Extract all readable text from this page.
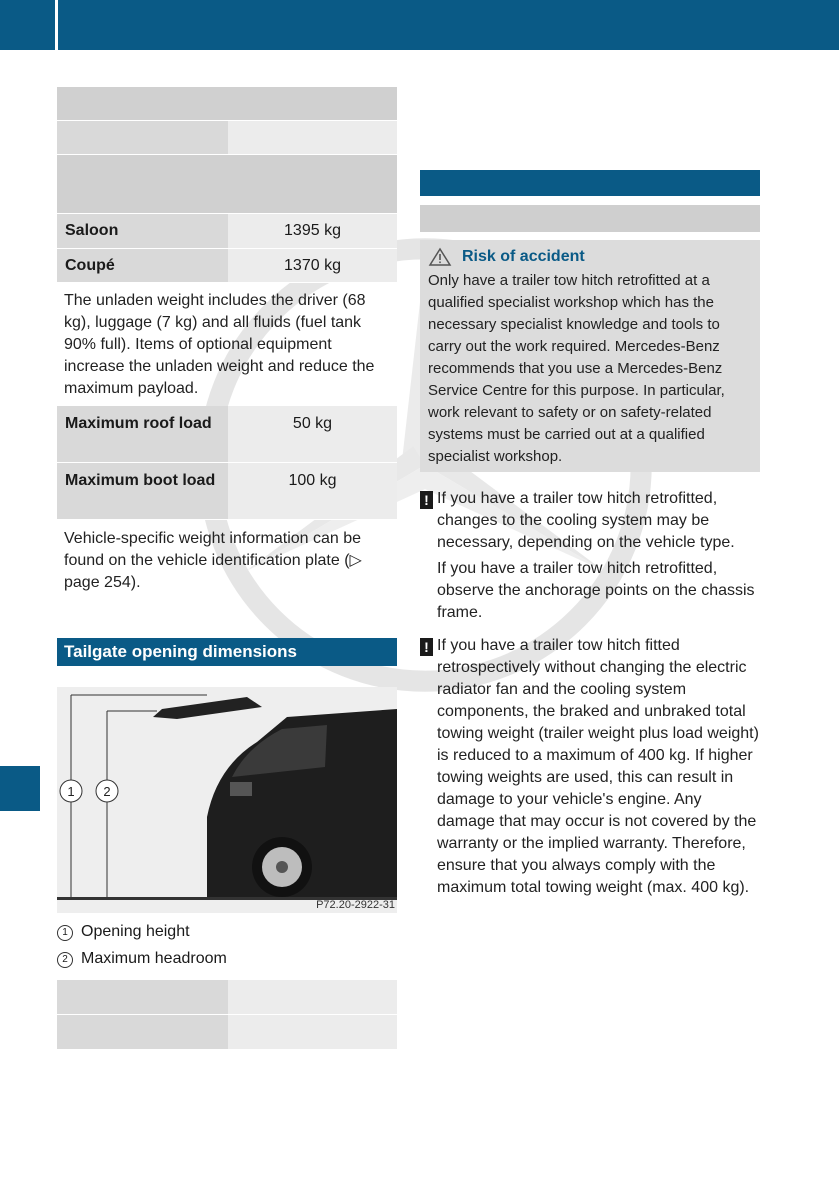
Saloon	1395 kg
Coupé	1370 kg
The unladen weight includes the driver (68 kg), luggage (7 kg) and all fluids (fuel tank 90% full). Items of optional equipment increase the unladen weight and reduce the maximum payload.
Maximum roof load	50 kg
Maximum boot load	100 kg
Vehicle-specific weight information can be found on the vehicle identification plate (▷ page 254).
Tailgate opening dimensions
1 2
P72.20-2922-31
1 Opening height
2 Maximum headroom
Risk of accident
Only have a trailer tow hitch retrofitted at a qualified specialist workshop which has the necessary specialist knowledge and tools to carry out the work required. Mercedes-Benz recommends that you use a Mercedes-Benz Service Centre for this purpose. In particular, work relevant to safety or on safety-related systems must be carried out at a qualified specialist workshop.

! If you have a trailer tow hitch retrofitted, changes to the cooling system may be necessary, depending on the vehicle type.

If you have a trailer tow hitch retrofitted, observe the anchorage points on the chassis frame.

! If you have a trailer tow hitch fitted retrospectively without changing the electric radiator fan and the cooling system components, the braked and unbraked total towing weight (trailer weight plus load weight) is reduced to a maximum of 400 kg. If higher towing weights are used, this can result in damage to your vehicle's engine. Any damage that may occur is not covered by the warranty or the implied warranty. Therefore, ensure that you always comply with the maximum total towing weight (max. 400 kg).
